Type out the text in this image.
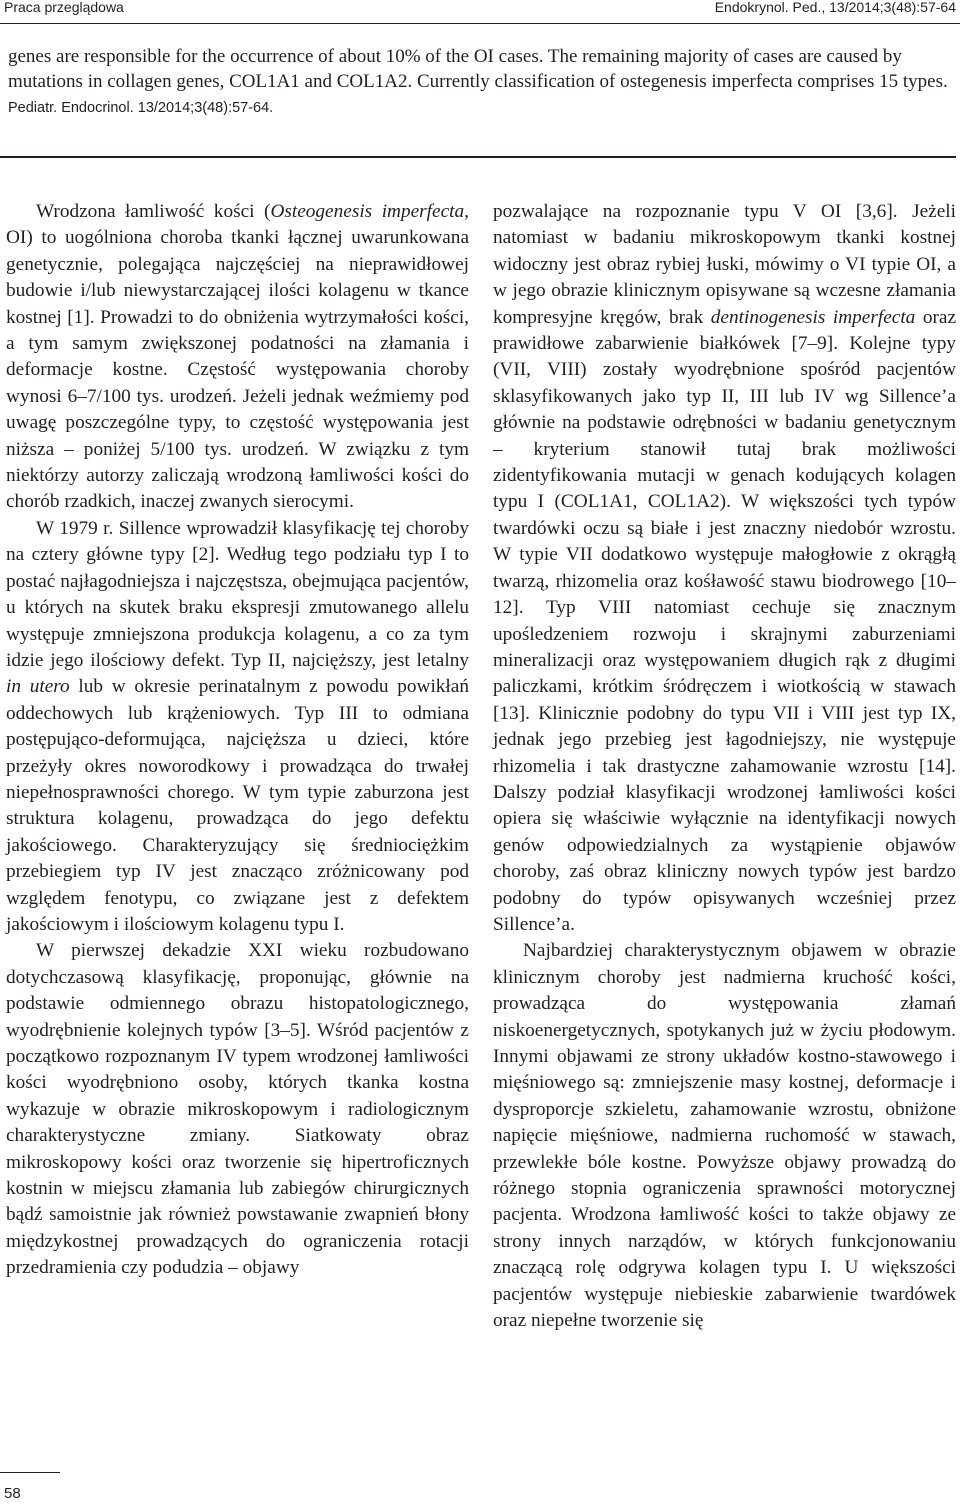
Praca przeglądowa	Endokrynol. Ped., 13/2014;3(48):57-64

genes are responsible for the occurrence of about 10% of the OI cases. The remaining majority of cases are caused by mutations in collagen genes, COL1A1 and COL1A2. Currently classification of ostegenesis imperfecta comprises 15 types. Pediatr. Endocrinol. 13/2014;3(48):57-64.

Wrodzona łamliwość kości (Osteogenesis imperfecta, OI) to uogólniona choroba tkanki łącznej uwarunkowana genetycznie, polegająca najczęściej na nieprawidłowej budowie i/lub niewystarczającej ilości kolagenu w tkance kostnej [1]. Prowadzi to do obniżenia wytrzymałości kości, a tym samym zwiększonej podatności na złamania i deformacje kostne. Częstość występowania choroby wynosi 6–7/100 tys. urodzeń. Jeżeli jednak weźmiemy pod uwagę poszczególne typy, to częstość występowania jest niższa – poniżej 5/100 tys. urodzeń. W związku z tym niektórzy autorzy zaliczają wrodzoną łamliwości kości do chorób rzadkich, inaczej zwanych sierocymi.

W 1979 r. Sillence wprowadził klasyfikację tej choroby na cztery główne typy [2]. Według tego podziału typ I to postać najłagodniejsza i najczęstsza, obejmująca pacjentów, u których na skutek braku ekspresji zmutowanego allelu występuje zmniejszona produkcja kolagenu, a co za tym idzie jego ilościowy defekt. Typ II, najcięższy, jest letalny in utero lub w okresie perinatalnym z powodu powikłań oddechowych lub krążeniowych. Typ III to odmiana postępująco-deformująca, najcięższa u dzieci, które przeżyły okres noworodkowy i prowadząca do trwałej niepełnosprawności chorego. W tym typie zaburzona jest struktura kolagenu, prowadząca do jego defektu jakościowego. Charakteryzujący się średniociężkim przebiegiem typ IV jest znacząco zróżnicowany pod względem fenotypu, co związane jest z defektem jakościowym i ilościowym kolagenu typu I.

W pierwszej dekadzie XXI wieku rozbudowano dotychczasową klasyfikację, proponując, głównie na podstawie odmiennego obrazu histopatologicznego, wyodrębnienie kolejnych typów [3–5]. Wśród pacjentów z początkowo rozpoznanym IV typem wrodzonej łamliwości kości wyodrębniono osoby, których tkanka kostna wykazuje w obrazie mikroskopowym i radiologicznym charakterystyczne zmiany. Siatkowaty obraz mikroskopowy kości oraz tworzenie się hipertroficznych kostnin w miejscu złamania lub zabiegów chirurgicznych bądź samoistnie jak również powstawanie zwapnień błony międzykostnej prowadzących do ograniczenia rotacji przedramienia czy podudzia – objawy

pozwalające na rozpoznanie typu V OI [3,6]. Jeżeli natomiast w badaniu mikroskopowym tkanki kostnej widoczny jest obraz rybiej łuski, mówimy o VI typie OI, a w jego obrazie klinicznym opisywane są wczesne złamania kompresyjne kręgów, brak dentinogenesis imperfecta oraz prawidłowe zabarwienie białkówek [7–9]. Kolejne typy (VII, VIII) zostały wyodrębnione spośród pacjentów sklasyfikowanych jako typ II, III lub IV wg Sillence’a głównie na podstawie odrębności w badaniu genetycznym – kryterium stanowił tutaj brak możliwości zidentyfikowania mutacji w genach kodujących kolagen typu I (COL1A1, COL1A2). W większości tych typów twardówki oczu są białe i jest znaczny niedobór wzrostu. W typie VII dodatkowo występuje małogłowie z okrągłą twarzą, rhizomelia oraz kośławość stawu biodrowego [10–12]. Typ VIII natomiast cechuje się znacznym upośledzeniem rozwoju i skrajnymi zaburzeniami mineralizacji oraz występowaniem długich rąk z długimi paliczkami, krótkim śródręczem i wiotkością w stawach [13]. Klinicznie podobny do typu VII i VIII jest typ IX, jednak jego przebieg jest łagodniejszy, nie występuje rhizomelia i tak drastyczne zahamowanie wzrostu [14]. Dalszy podział klasyfikacji wrodzonej łamliwości kości opiera się właściwie wyłącznie na identyfikacji nowych genów odpowiedzialnych za wystąpienie objawów choroby, zaś obraz kliniczny nowych typów jest bardzo podobny do typów opisywanych wcześniej przez Sillence’a.

Najbardziej charakterystycznym objawem w obrazie klinicznym choroby jest nadmierna kruchość kości, prowadząca do występowania złamań niskoenergetycznych, spotykanych już w życiu płodowym. Innymi objawami ze strony układów kostno-stawowego i mięśniowego są: zmniejszenie masy kostnej, deformacje i dysproporcje szkieletu, zahamowanie wzrostu, obniżone napięcie mięśniowe, nadmierna ruchomość w stawach, przewlekłe bóle kostne. Powyższe objawy prowadzą do różnego stopnia ograniczenia sprawności motorycznej pacjenta. Wrodzona łamliwość kości to także objawy ze strony innych narządów, w których funkcjonowaniu znaczącą rolę odgrywa kolagen typu I. U większości pacjentów występuje niebieskie zabarwienie twardówek oraz niepełne tworzenie się

58
